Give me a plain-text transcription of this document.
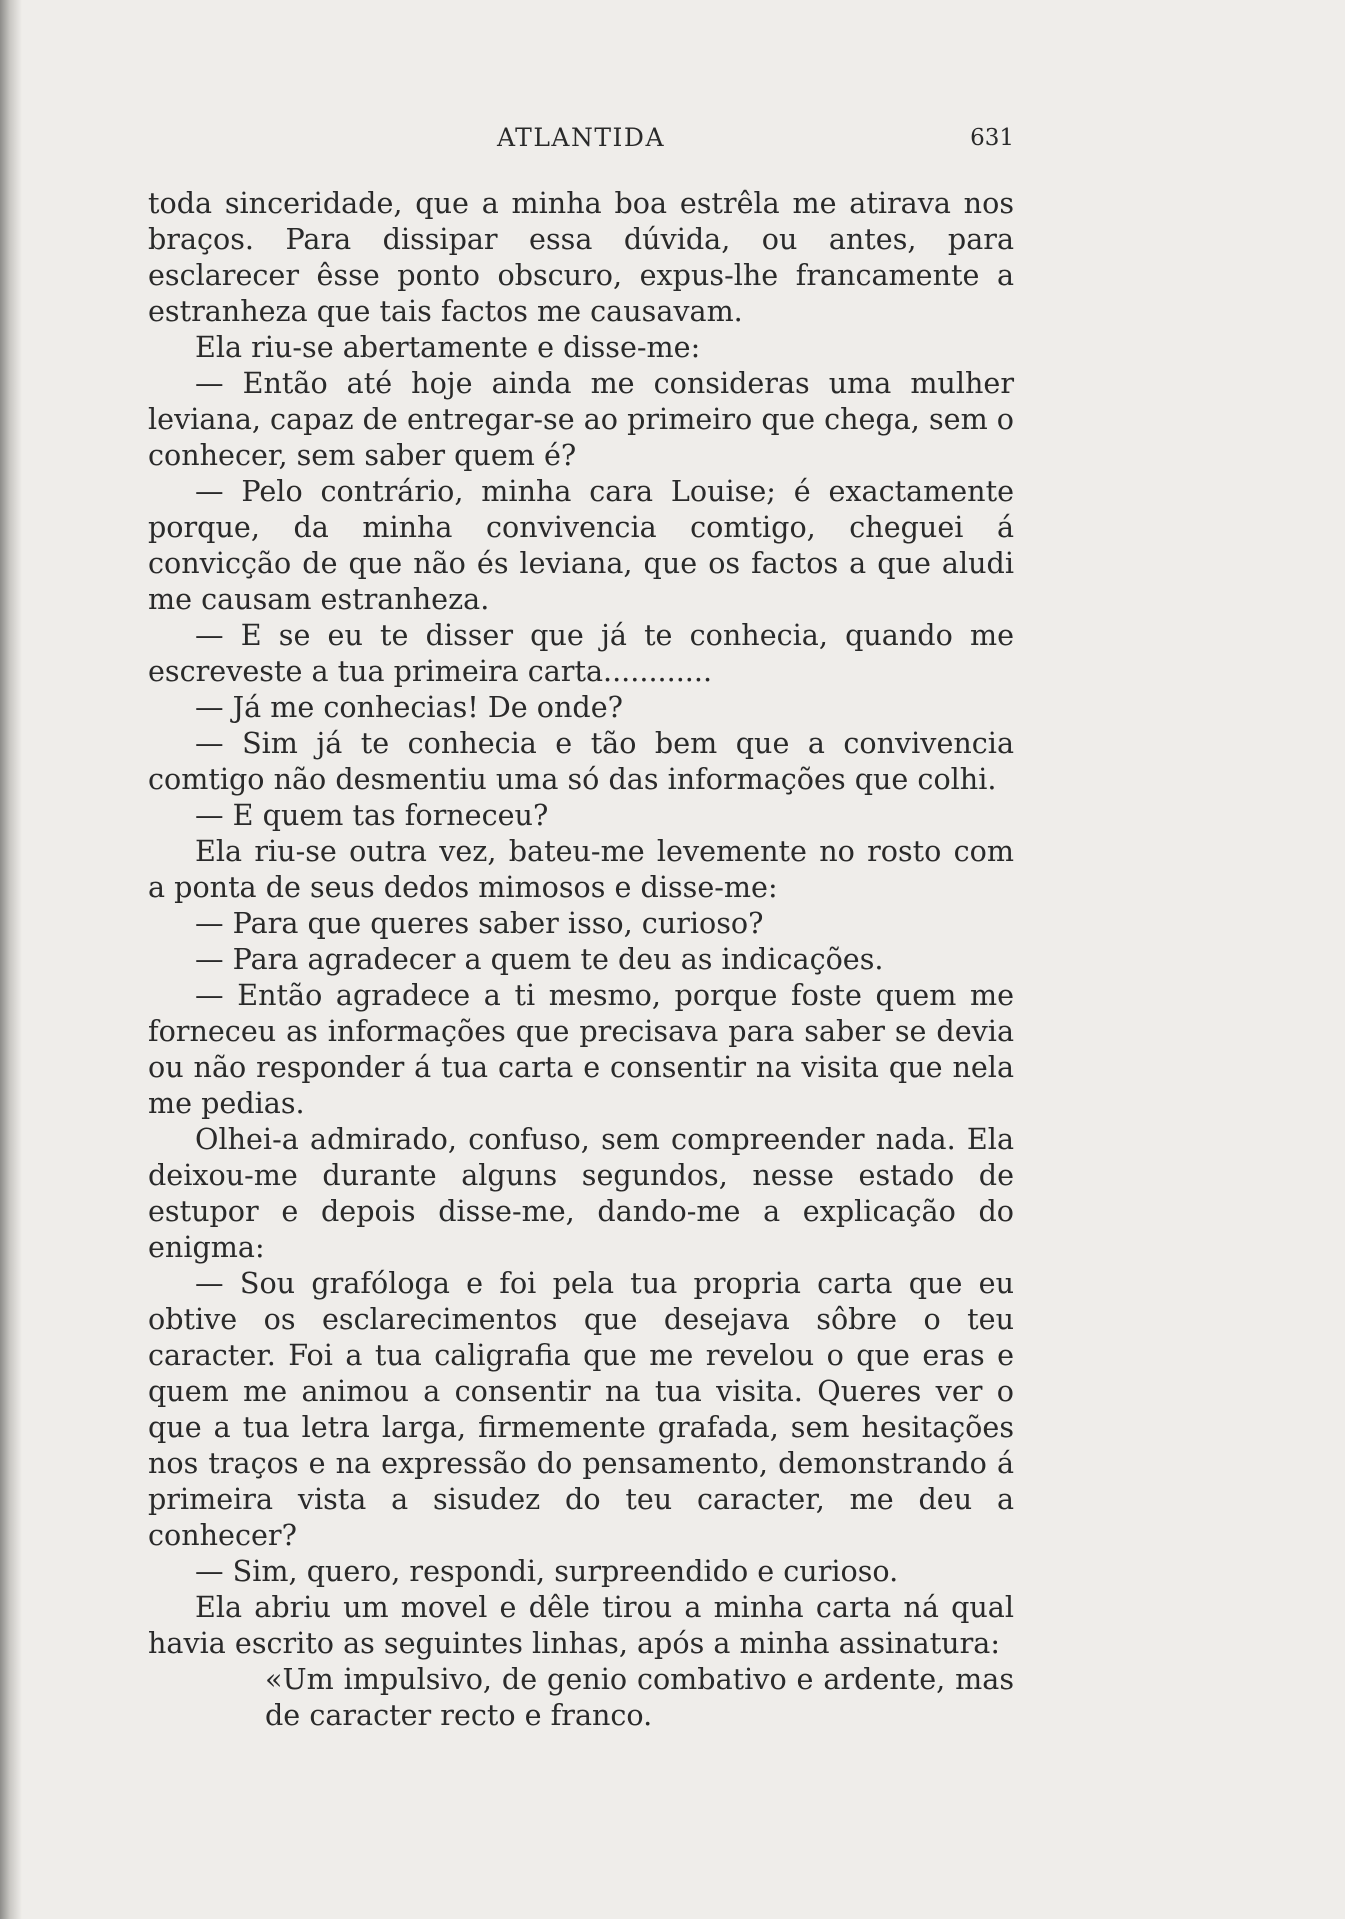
ATLANTIDA	631

toda sinceridade, que a minha boa estrêla me atirava nos braços. Para dissipar essa dúvida, ou antes, para esclarecer êsse ponto obscuro, expus-lhe francamente a estranheza que tais factos me causavam.

Ela riu-se abertamente e disse-me:

— Então até hoje ainda me consideras uma mulher leviana, capaz de entregar-se ao primeiro que chega, sem o conhecer, sem saber quem é?

— Pelo contrário, minha cara Louise; é exactamente porque, da minha convivencia comtigo, cheguei á convicção de que não és leviana, que os factos a que aludi me causam estranheza.

— E se eu te disser que já te conhecia, quando me escreveste a tua primeira carta............

— Já me conhecias! De onde?

— Sim já te conhecia e tão bem que a convivencia comtigo não desmentiu uma só das informações que colhi.

— E quem tas forneceu?

Ela riu-se outra vez, bateu-me levemente no rosto com a ponta de seus dedos mimosos e disse-me:

— Para que queres saber isso, curioso?

— Para agradecer a quem te deu as indicações.

— Então agradece a ti mesmo, porque foste quem me forneceu as informações que precisava para saber se devia ou não responder á tua carta e consentir na visita que nela me pedias.

Olhei-a admirado, confuso, sem compreender nada. Ela deixou-me durante alguns segundos, nesse estado de estupor e depois disse-me, dando-me a explicação do enigma:

— Sou grafóloga e foi pela tua propria carta que eu obtive os esclarecimentos que desejava sôbre o teu caracter. Foi a tua caligrafia que me revelou o que eras e quem me animou a consentir na tua visita. Queres ver o que a tua letra larga, firmemente grafada, sem hesitações nos traços e na expressão do pensamento, demonstrando á primeira vista a sisudez do teu caracter, me deu a conhecer?

— Sim, quero, respondi, surpreendido e curioso.

Ela abriu um movel e dêle tirou a minha carta ná qual havia escrito as seguintes linhas, após a minha assinatura:

«Um impulsivo, de genio combativo e ardente, mas de caracter recto e franco.
